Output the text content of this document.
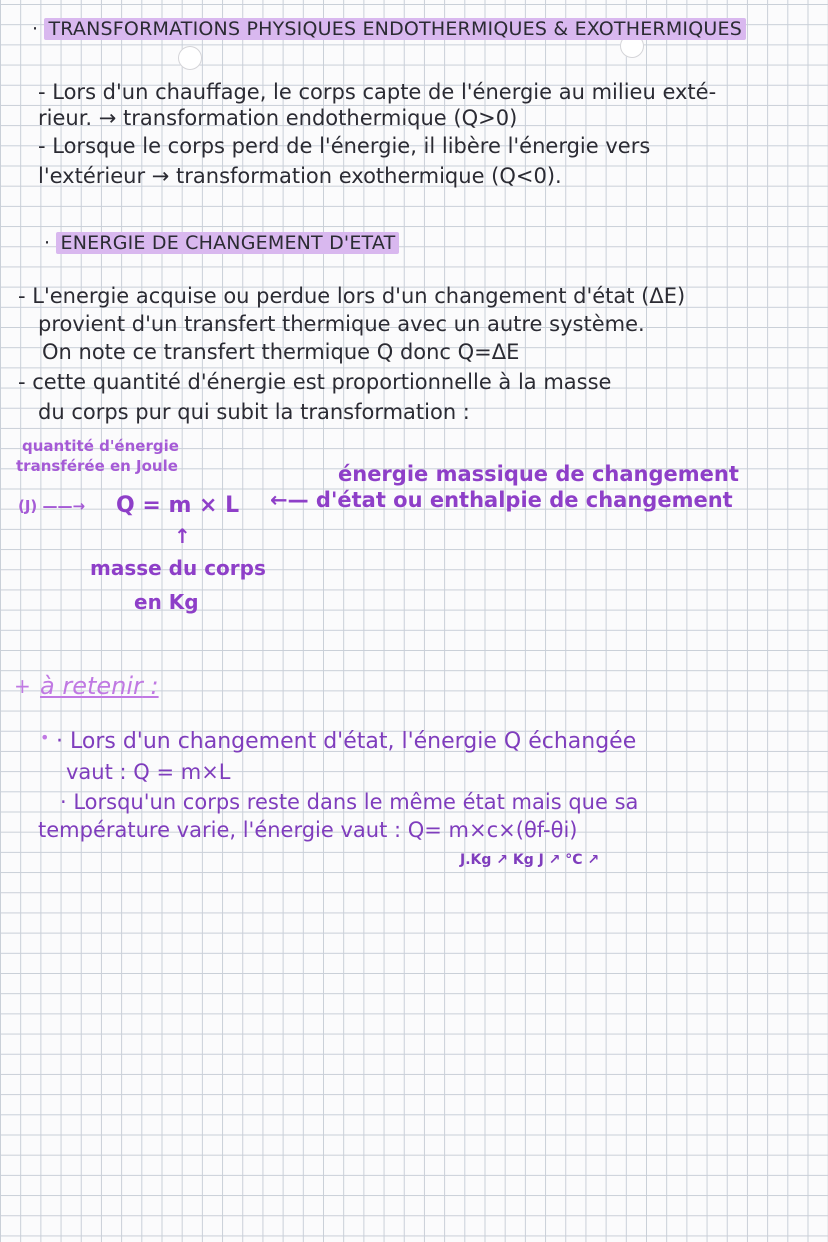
· TRANSFORMATIONS PHYSIQUES ENDOTHERMIQUES & EXOTHERMIQUES
- Lors d'un chauffage, le corps capte de l'énergie au milieu exté-
rieur. → transformation endothermique (Q>0)
- Lorsque le corps perd de l'énergie, il libère l'énergie vers
l'extérieur → transformation exothermique (Q<0).
· ENERGIE DE CHANGEMENT D'ETAT
- L'energie acquise ou perdue lors d'un changement d'état (ΔE)
provient d'un transfert thermique avec un autre système.
On note ce transfert thermique Q donc Q=ΔE
- cette quantité d'énergie est proportionnelle à la masse
du corps pur qui subit la transformation :
quantité d'énergie
transférée en Joule
(J) ——→ Q = m × L
énergie massique de changement
←— d'état ou enthalpie de changement
↑
masse du corps
en Kg
+ à retenir :
• · Lors d'un changement d'état, l'énergie Q échangée
vaut : Q = m×L
· Lorsqu'un corps reste dans le même état mais que sa
température varie, l'énergie vaut : Q= m×c×(θf-θi)
J.Kg ↗ Kg J ↗ °C ↗
